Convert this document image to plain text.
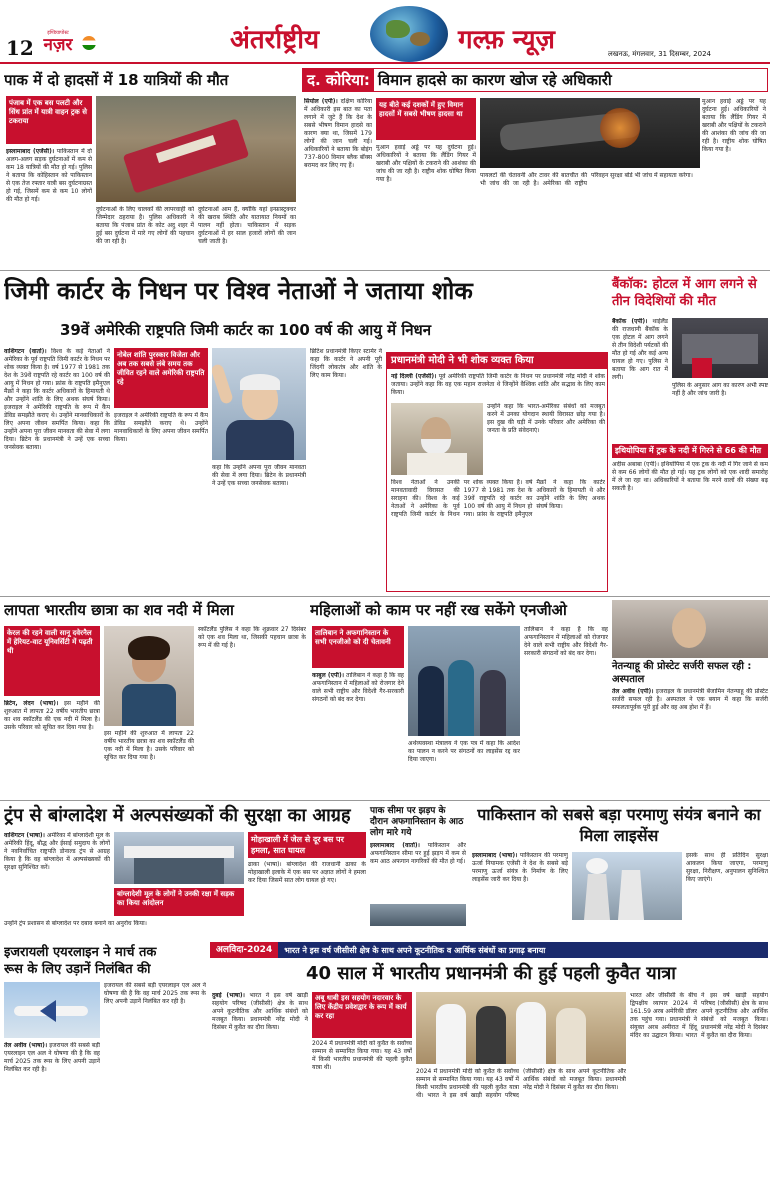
12
इण्डियापोस्ट
नज़र	अंतर्राष्ट्रीय	गल्फ़ न्यूज़	लखनऊ, मंगलवार, 31 दिसम्बर, 2024
पाक में दो हादसों में 18 यात्रियों की मौत
पंजाब में एक बस पलटी और सिंध प्रांत में यात्री वाहन ट्रक से टकराया
इस्लामाबाद (एजेंसी)। पाकिस्तान में दो अलग-अलग सड़क दुर्घटनाओं में कम से कम 18 यात्रियों की मौत हो गई। पुलिस ने बताया कि कोहिस्तान को पाकिस्तान से एक तेज रफ्तार यात्री बस दुर्घटनाग्रस्त हो गई, जिसमें कम से कम 10 लोगों की मौत हो गई।
दुर्घटनाओं के लिए चालकों की लापरवाही को जिम्मेदार ठहराया है। पुलिस अधिकारी ने बताया कि पंजाब प्रांत के कोट अदु शहर में हुई बस दुर्घटना में मारे गए लोगों की पहचान की जा रही है।
दुर्घटनाओं आम हैं, क्योंकि यहां इन्फ्रास्ट्रक्चर की खराब स्थिति और यातायात नियमों का पालन नहीं होता। पाकिस्तान में सड़क दुर्घटनाओं में हर साल हजारों लोगों की जान चली जाती है।
द. कोरिया: विमान हादसे का कारण खोज रहे अधिकारी
सियोल (एपी)। दक्षिण कोरिया में अधिकारी इस बात का पता लगाने में जुटे हैं कि देश के सबसे भीषण विमान हादसे का कारण क्या था, जिसमें 179 लोगों की जान चली गई। अधिकारियों ने बताया कि बोइंग 737-800 विमान ब्लैक बॉक्स बरामद कर लिए गए हैं।
यह बीते कई दशकों में हुए विमान हादसों में सबसे भीषण हादसा था
मुआन हवाई अड्डे पर यह दुर्घटना हुई। अधिकारियों ने बताया कि लैंडिंग गियर में खराबी और पक्षियों के टकराने की आशंका की जांच की जा रही है। राष्ट्रीय शोक घोषित किया गया है।
पायलटों की चेतावनी और टावर की बातचीत की भी जांच की जा रही है। अमेरिका की राष्ट्रीय परिवहन सुरक्षा बोर्ड भी जांच में सहायता करेगा।
मुआन हवाई अड्डे पर यह दुर्घटना हुई। अधिकारियों ने बताया कि लैंडिंग गियर में खराबी और पक्षियों के टकराने की आशंका की जांच की जा रही है। राष्ट्रीय शोक घोषित किया गया है।
जिमी कार्टर के निधन पर विश्व नेताओं ने जताया शोक
39वें अमेरिकी राष्ट्रपति जिमी कार्टर का 100 वर्ष की आयु में निधन
वाशिंगटन (वार्ता)। विश्व के कई नेताओं ने अमेरिका के पूर्व राष्ट्रपति जिमी कार्टर के निधन पर शोक व्यक्त किया है। वर्ष 1977 से 1981 तक देश के 39वें राष्ट्रपति रहे कार्टर का 100 वर्ष की आयु में निधन हो गया। फ्रांस के राष्ट्रपति इमैनुएल मैक्रों ने कहा कि कार्टर अधिकारों के हिमायती थे और उन्होंने शांति के लिए अथक संघर्ष किया। इजराइल ने अमेरिकी राष्ट्रपति के रूप में कैंप डेविड समझौते कराए थे। उन्होंने मानवाधिकारों के लिए अपना जीवन समर्पित किया। कहा कि उन्होंने अपना पूरा जीवन मानवता की सेवा में लगा दिया। ब्रिटेन के प्रधानमंत्री ने उन्हें एक सच्चा जनसेवक बताया।
नोबेल शांति पुरस्कार विजेता और अब तक सबसे लंबे समय तक जीवित रहने वाले अमेरिकी राष्ट्रपति रहे
इजराइल ने अमेरिकी राष्ट्रपति के रूप में कैंप डेविड समझौते कराए थे। उन्होंने मानवाधिकारों के लिए अपना जीवन समर्पित किया।
कहा कि उन्होंने अपना पूरा जीवन मानवता की सेवा में लगा दिया। ब्रिटेन के प्रधानमंत्री ने उन्हें एक सच्चा जनसेवक बताया।
ब्रिटिश प्रधानमंत्री किएर स्टार्मर ने कहा कि कार्टर ने अपनी पूरी जिंदगी लोकतंत्र और शांति के लिए काम किया।
प्रधानमंत्री मोदी ने भी शोक व्यक्त किया
नई दिल्ली (एजेंसी)। पूर्व अमेरिकी राष्ट्रपति जिमी कार्टर के निधन पर प्रधानमंत्री नरेंद्र मोदी ने शोक जताया। उन्होंने कहा कि वह एक महान राजनेता थे जिन्होंने वैश्विक शांति और सद्भाव के लिए काम किया।
उन्होंने कहा कि भारत-अमेरिका संबंधों को मजबूत करने में उनका योगदान स्थायी विरासत छोड़ गया है। इस दुख की घड़ी में उनके परिवार और अमेरिका की जनता के प्रति संवेदनाएं।
विश्व नेताओं ने उनकी मानवतावादी विरासत की सराहना की। विश्व के कई नेताओं ने अमेरिका के पूर्व राष्ट्रपति जिमी कार्टर के निधन पर शोक व्यक्त किया है। वर्ष 1977 से 1981 तक देश के 39वें राष्ट्रपति रहे कार्टर का 100 वर्ष की आयु में निधन हो गया। फ्रांस के राष्ट्रपति इमैनुएल मैक्रों ने कहा कि कार्टर अधिकारों के हिमायती थे और उन्होंने शांति के लिए अथक संघर्ष किया।
बैंकॉक: होटल में आग लगने से तीन विदेशियों की मौत
बैंकॉक (एपी)। थाईलैंड की राजधानी बैंकॉक के एक होटल में आग लगने से तीन विदेशी पर्यटकों की मौत हो गई और कई अन्य घायल हो गए। पुलिस ने बताया कि आग रात में लगी।
पुलिस के अनुसार आग का कारण अभी स्पष्ट नहीं है और जांच जारी है।
इथियोपिया में ट्रक के नदी में गिरने से 66 की मौत
अदीस अबाबा (एपी)। इथियोपिया में एक ट्रक के नदी में गिर जाने से कम से कम 66 लोगों की मौत हो गई। यह ट्रक लोगों को एक शादी समारोह में ले जा रहा था। अधिकारियों ने बताया कि मरने वालों की संख्या बढ़ सकती है।
लापता भारतीय छात्रा का शव नदी में मिला
केरल की रहने वाली सानू दवेरनैल में हेरियट-वाट यूनिवर्सिटी में पढ़ती थी
ब्रिटेन, लंदन (भाषा)। इस महीने की शुरुआत में लापता 22 वर्षीय भारतीय छात्रा का शव स्कॉटलैंड की एक नदी में मिला है। उसके परिवार को सूचित कर दिया गया है।
स्कॉटलैंड पुलिस ने कहा कि शुक्रवार 27 दिसंबर को एक शव मिला था, जिसकी पहचान छात्रा के रूप में की गई है।
इस महीने की शुरुआत में लापता 22 वर्षीय भारतीय छात्रा का शव स्कॉटलैंड की एक नदी में मिला है। उसके परिवार को सूचित कर दिया गया है।
महिलाओं को काम पर नहीं रख सकेंगे एनजीओ
तालिबान ने अफगानिस्तान के सभी एनजीओ को दी चेतावनी
काबुल (एपी)। तालिबान ने कहा है कि वह अफगानिस्तान में महिलाओं को रोजगार देने वाले सभी राष्ट्रीय और विदेशी गैर-सरकारी संगठनों को बंद कर देगा।
अर्थव्यवस्था मंत्रालय ने एक पत्र में कहा कि आदेश का पालन न करने पर संगठनों का लाइसेंस रद्द कर दिया जाएगा।
तालिबान ने कहा है कि वह अफगानिस्तान में महिलाओं को रोजगार देने वाले सभी राष्ट्रीय और विदेशी गैर-सरकारी संगठनों को बंद कर देगा।
नेतन्याहू की प्रोस्टेट सर्जरी सफल रही : अस्पताल
तेल अवीव (एपी)। इजराइल के प्रधानमंत्री बेंजामिन नेतन्याहू की प्रोस्टेट सर्जरी सफल रही है। अस्पताल ने एक बयान में कहा कि सर्जरी सफलतापूर्वक पूरी हुई और वह अब होश में हैं।
ट्रंप से बांग्लादेश में अल्पसंख्यकों की सुरक्षा का आग्रह
वाशिंगटन (भाषा)। अमेरिका में बांग्लादेशी मूल के अमेरिकी हिंदू, बौद्ध और ईसाई समुदाय के लोगों ने नवनिर्वाचित राष्ट्रपति डोनाल्ड ट्रंप से आग्रह किया है कि वह बांग्लादेश में अल्पसंख्यकों की सुरक्षा सुनिश्चित करें।
बांग्लादेशी मूल के लोगों ने उनकी रक्षा में सड़क का किया आंदोलन
उन्होंने ट्रंप प्रशासन से बांग्लादेश पर दबाव बनाने का अनुरोध किया।
मोहाखाली में जेल से दूर बस पर हमला, सात घायल
ढाका (भाषा)। बांग्लादेश की राजधानी ढाका के मोहाखाली इलाके में एक बस पर अज्ञात लोगों ने हमला कर दिया जिसमें सात लोग घायल हो गए।
पाक सीमा पर झड़प के दौरान अफगानिस्तान के आठ लोग मारे गये
इस्लामाबाद (वार्ता)। पाकिस्तान और अफगानिस्तान सीमा पर हुई झड़प में कम से कम आठ अफगान नागरिकों की मौत हो गई।
पाकिस्तान को सबसे बड़ा परमाणु संयंत्र बनाने का मिला लाइसेंस
इस्लामाबाद (भाषा)। पाकिस्तान की परमाणु ऊर्जा नियामक एजेंसी ने देश के सबसे बड़े परमाणु ऊर्जा संयंत्र के निर्माण के लिए लाइसेंस जारी कर दिया है।
इसके साथ ही प्रतिदिन सुरक्षा आकलन किया जाएगा, परमाणु सुरक्षा, निरीक्षण, अनुपालन सुनिश्चित किए जाएंगे।
इजरायली एयरलाइन ने मार्च तक
रूस के लिए उड़ानें निलंबित की
अलविदा-2024	भारत ने इस वर्ष जीसीसी क्षेत्र के साथ अपने कूटनीतिक व आर्थिक संबंधों का प्रगाढ़ बनाया
40 साल में भारतीय प्रधानमंत्री की हुई पहली कुवैत यात्रा
तेल अवीव (भाषा)। इजरायल की सबसे बड़ी एयरलाइन एल अल ने घोषणा की है कि वह मार्च 2025 तक रूस के लिए अपनी उड़ानें निलंबित कर रही है।
इजरायल की सबसे बड़ी एयरलाइन एल अल ने घोषणा की है कि वह मार्च 2025 तक रूस के लिए अपनी उड़ानें निलंबित कर रही है।
दुबई (भाषा)। भारत ने इस वर्ष खाड़ी सहयोग परिषद (जीसीसी) क्षेत्र के साथ अपने कूटनीतिक और आर्थिक संबंधों को मजबूत किया। प्रधानमंत्री नरेंद्र मोदी ने दिसंबर में कुवैत का दौरा किया।
2024 में प्रधानमंत्री मोदी को कुवैत के सर्वोच्च सम्मान से सम्मानित किया गया। यह 43 वर्षों में किसी भारतीय प्रधानमंत्री की पहली कुवैत यात्रा थी।
अबू धाबी इस सहयोग नदारवार के लिए केंद्रीय प्रवेशद्वार के रूप में कार्य कर रहा
2024 में प्रधानमंत्री मोदी को कुवैत के सर्वोच्च सम्मान से सम्मानित किया गया। यह 43 वर्षों में किसी भारतीय प्रधानमंत्री की पहली कुवैत यात्रा थी। भारत ने इस वर्ष खाड़ी सहयोग परिषद (जीसीसी) क्षेत्र के साथ अपने कूटनीतिक और आर्थिक संबंधों को मजबूत किया। प्रधानमंत्री नरेंद्र मोदी ने दिसंबर में कुवैत का दौरा किया।
भारत और जीसीसी के बीच द्विपक्षीय व्यापार 2024 में 161.59 अरब अमेरिकी डॉलर तक पहुंच गया। प्रधानमंत्री ने संयुक्त अरब अमीरात में हिंदू मंदिर का उद्घाटन किया। भारत ने इस वर्ष खाड़ी सहयोग परिषद (जीसीसी) क्षेत्र के साथ अपने कूटनीतिक और आर्थिक संबंधों को मजबूत किया। प्रधानमंत्री नरेंद्र मोदी ने दिसंबर में कुवैत का दौरा किया।
